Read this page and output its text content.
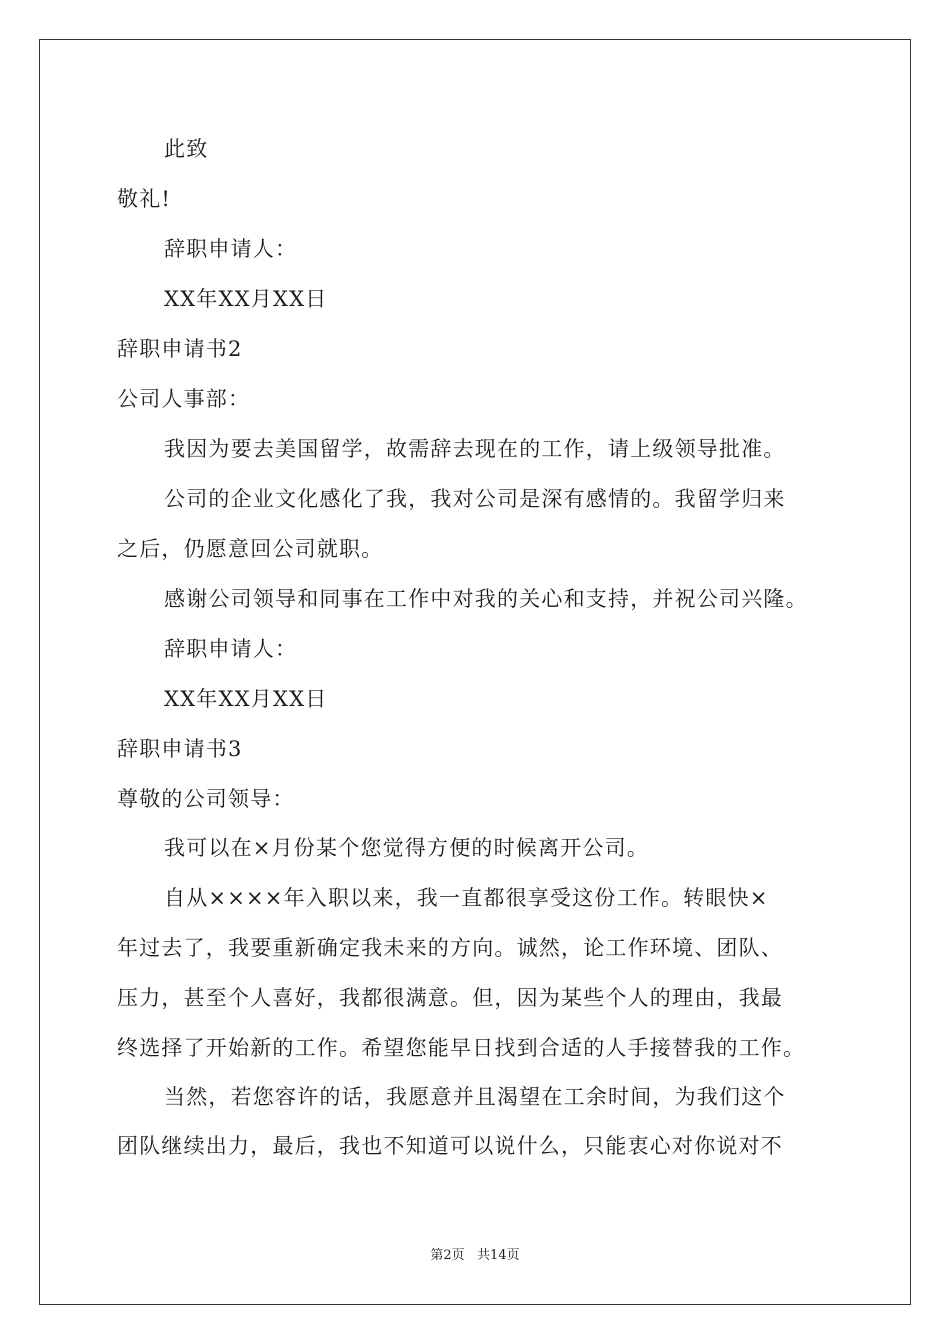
此致
敬礼!
辞职申请人：
XX年XX月XX日
辞职申请书2
公司人事部：
我因为要去美国留学，故需辞去现在的工作，请上级领导批准。
公司的企业文化感化了我，我对公司是深有感情的。我留学归来
之后，仍愿意回公司就职。
感谢公司领导和同事在工作中对我的关心和支持，并祝公司兴隆。
辞职申请人：
XX年XX月XX日
辞职申请书3
尊敬的公司领导：
我可以在×月份某个您觉得方便的时候离开公司。
自从××××年入职以来，我一直都很享受这份工作。转眼快×
年过去了，我要重新确定我未来的方向。诚然，论工作环境、团队、
压力，甚至个人喜好，我都很满意。但，因为某些个人的理由，我最
终选择了开始新的工作。希望您能早日找到合适的人手接替我的工作。
当然，若您容许的话，我愿意并且渴望在工余时间，为我们这个
团队继续出力，最后，我也不知道可以说什么，只能衷心对你说对不
第2页   共14页
